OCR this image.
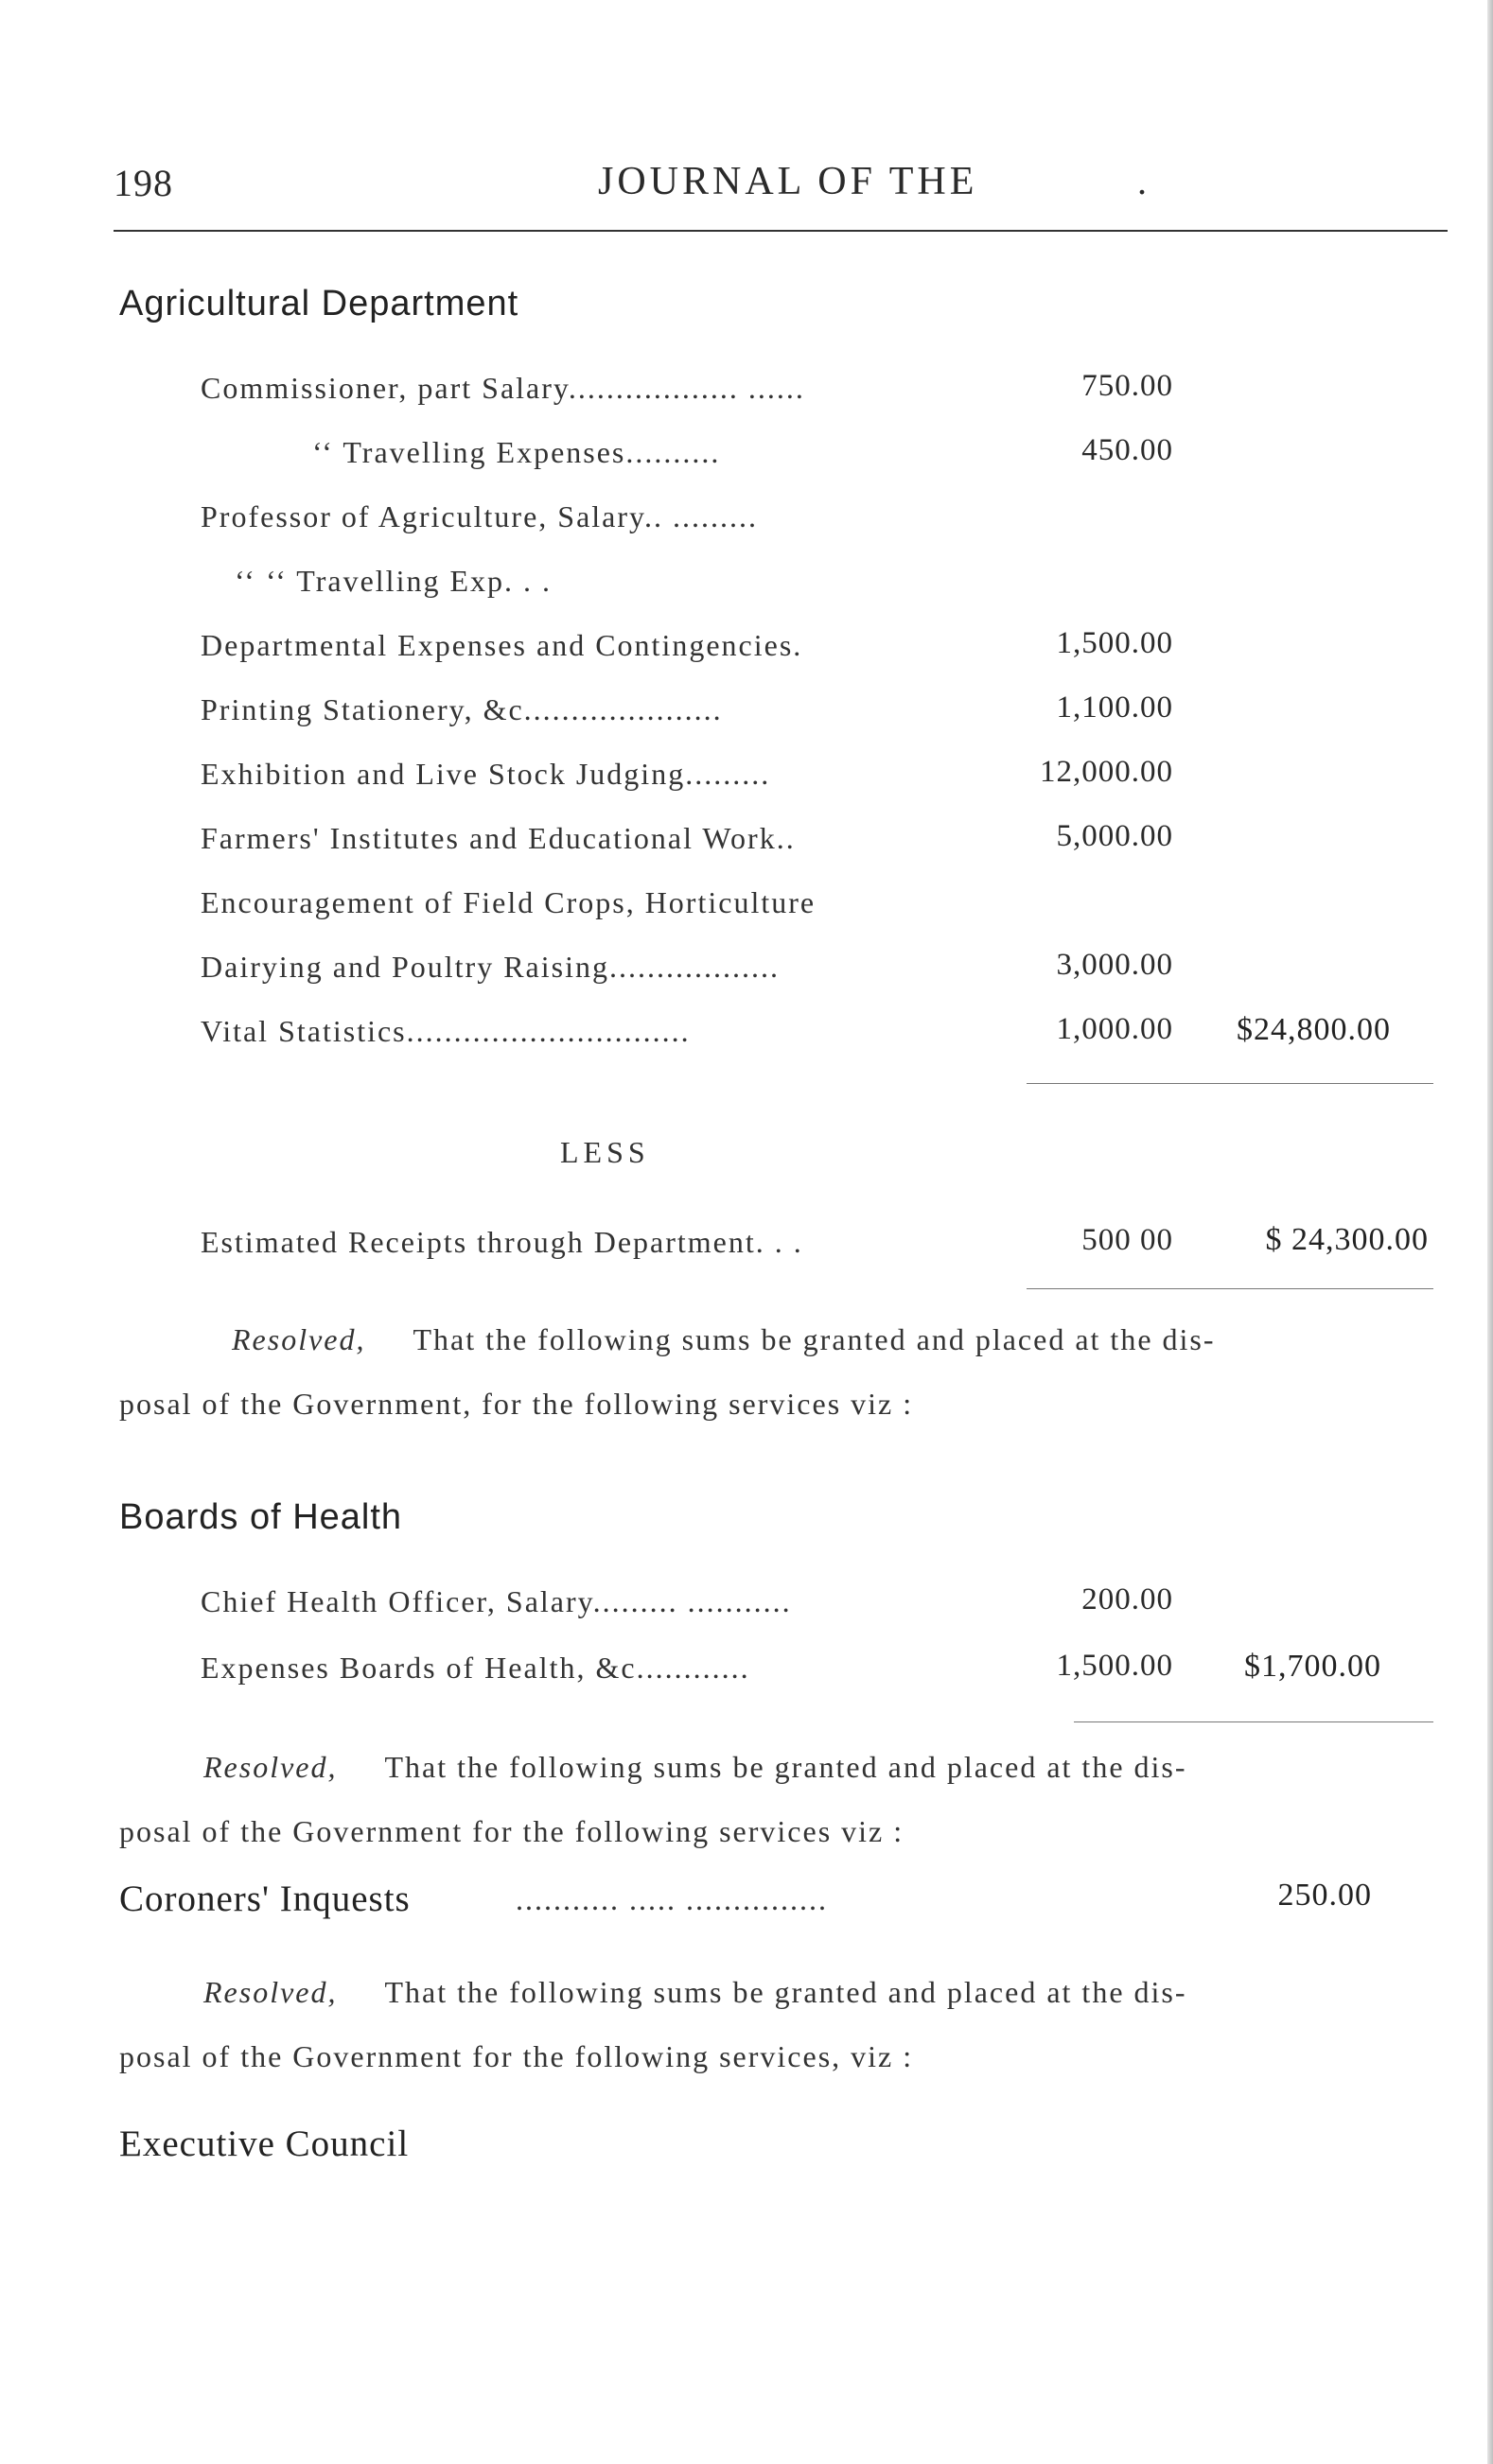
198	JOURNAL OF THE	.
Agricultural Department
Commissioner, part Salary.................. ......	750.00
‘‘ Travelling Expenses..........	450.00
Professor of Agriculture, Salary.. .........
‘‘ ‘‘ Travelling Exp. . .
Departmental Expenses and Contingencies.	1,500.00
Printing Stationery, &c.....................	1,100.00
Exhibition and Live Stock Judging.........	12,000.00
Farmers' Institutes and Educational Work..	5,000.00
Encouragement of Field Crops, Horticulture
Dairying and Poultry Raising..................	3,000.00
Vital Statistics..............................	1,000.00	$24,800.00
LESS
Estimated Receipts through Department. . .	500 00	$ 24,300.00
Resolved, That the following sums be granted and placed at the dis-
posal of the Government, for the following services viz :
Boards of Health
Chief Health Officer, Salary......... ...........	200.00
Expenses Boards of Health, &c............	1,500.00	$1,700.00
Resolved, That the following sums be granted and placed at the dis-
posal of the Government for the following services viz :
Coroners' Inquests	........... ..... ...............	250.00
Resolved, That the following sums be granted and placed at the dis-
posal of the Government for the following services, viz :
Executive Council
